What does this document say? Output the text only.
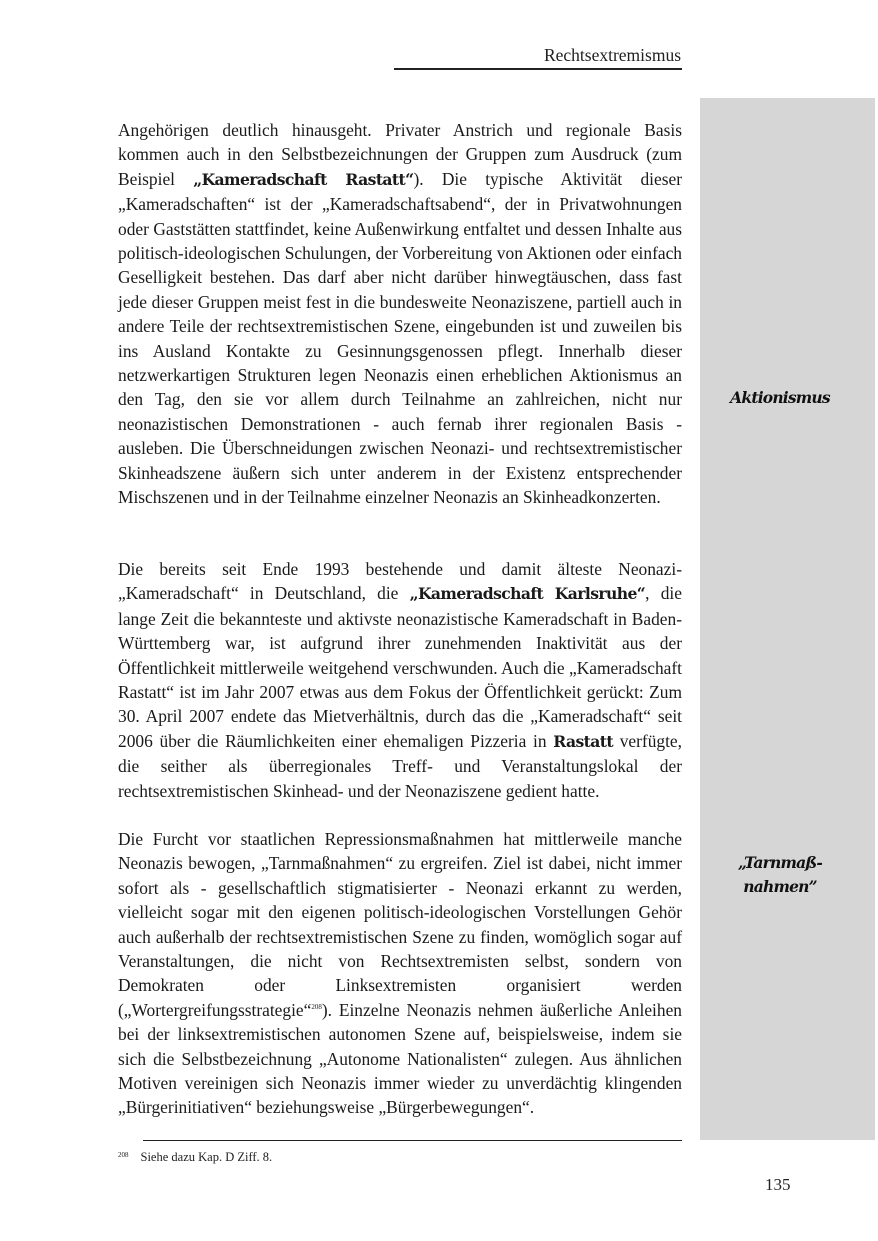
Rechtsextremismus
Aktionismus
„Tarnmaß-
nahmen”
Angehörigen deutlich hinausgeht. Privater Anstrich und regionale Basis kommen auch in den Selbstbezeichnungen der Gruppen zum Ausdruck (zum Beispiel „Kameradschaft Rastatt“). Die typische Aktivität dieser „Kameradschaften“ ist der „Kameradschaftsabend“, der in Privatwohnungen oder Gaststätten stattfindet, keine Außenwirkung entfaltet und dessen Inhalte aus politisch-ideologischen Schulungen, der Vorbereitung von Aktionen oder einfach Geselligkeit bestehen. Das darf aber nicht darüber hinwegtäuschen, dass fast jede dieser Gruppen meist fest in die bundesweite Neonaziszene, partiell auch in andere Teile der rechtsextremistischen Szene, eingebunden ist und zuweilen bis ins Ausland Kontakte zu Gesinnungsgenossen pflegt. Innerhalb dieser netzwerkartigen Strukturen legen Neonazis einen erheblichen Aktionismus an den Tag, den sie vor allem durch Teilnahme an zahlreichen, nicht nur neonazistischen Demonstrationen - auch fernab ihrer regionalen Basis - ausleben. Die Überschneidungen zwischen Neonazi- und rechtsextremistischer Skinheadszene äußern sich unter anderem in der Existenz entsprechender Mischszenen und in der Teilnahme einzelner Neonazis an Skinheadkonzerten.
Die bereits seit Ende 1993 bestehende und damit älteste Neonazi-„Kameradschaft“ in Deutschland, die „Kameradschaft Karlsruhe“, die lange Zeit die bekannteste und aktivste neonazistische Kameradschaft in Baden-Württemberg war, ist aufgrund ihrer zunehmenden Inaktivität aus der Öffentlichkeit mittlerweile weitgehend verschwunden. Auch die „Kameradschaft Rastatt“ ist im Jahr 2007 etwas aus dem Fokus der Öffentlichkeit gerückt: Zum 30. April 2007 endete das Mietverhältnis, durch das die „Kameradschaft“ seit 2006 über die Räumlichkeiten einer ehemaligen Pizzeria in Rastatt verfügte, die seither als überregionales Treff- und Veranstaltungslokal der rechtsextremistischen Skinhead- und der Neonaziszene gedient hatte.
Die Furcht vor staatlichen Repressionsmaßnahmen hat mittlerweile manche Neonazis bewogen, „Tarnmaßnahmen“ zu ergreifen. Ziel ist dabei, nicht immer sofort als - gesellschaftlich stigmatisierter - Neonazi erkannt zu werden, vielleicht sogar mit den eigenen politisch-ideologischen Vorstellungen Gehör auch außerhalb der rechtsextremistischen Szene zu finden, womöglich sogar auf Veranstaltungen, die nicht von Rechtsextremisten selbst, sondern von Demokraten oder Linksextremisten organisiert werden („Wortergreifungsstrategie“$^{208}$). Einzelne Neonazis nehmen äußerliche Anleihen bei der linksextremistischen autonomen Szene auf, beispielsweise, indem sie sich die Selbstbezeichnung „Autonome Nationalisten“ zulegen. Aus ähnlichen Motiven vereinigen sich Neonazis immer wieder zu unverdächtig klingenden „Bürgerinitiativen“ beziehungsweise „Bürgerbewegungen“.
$^{208}$ Siehe dazu Kap. D Ziff. 8.
135
